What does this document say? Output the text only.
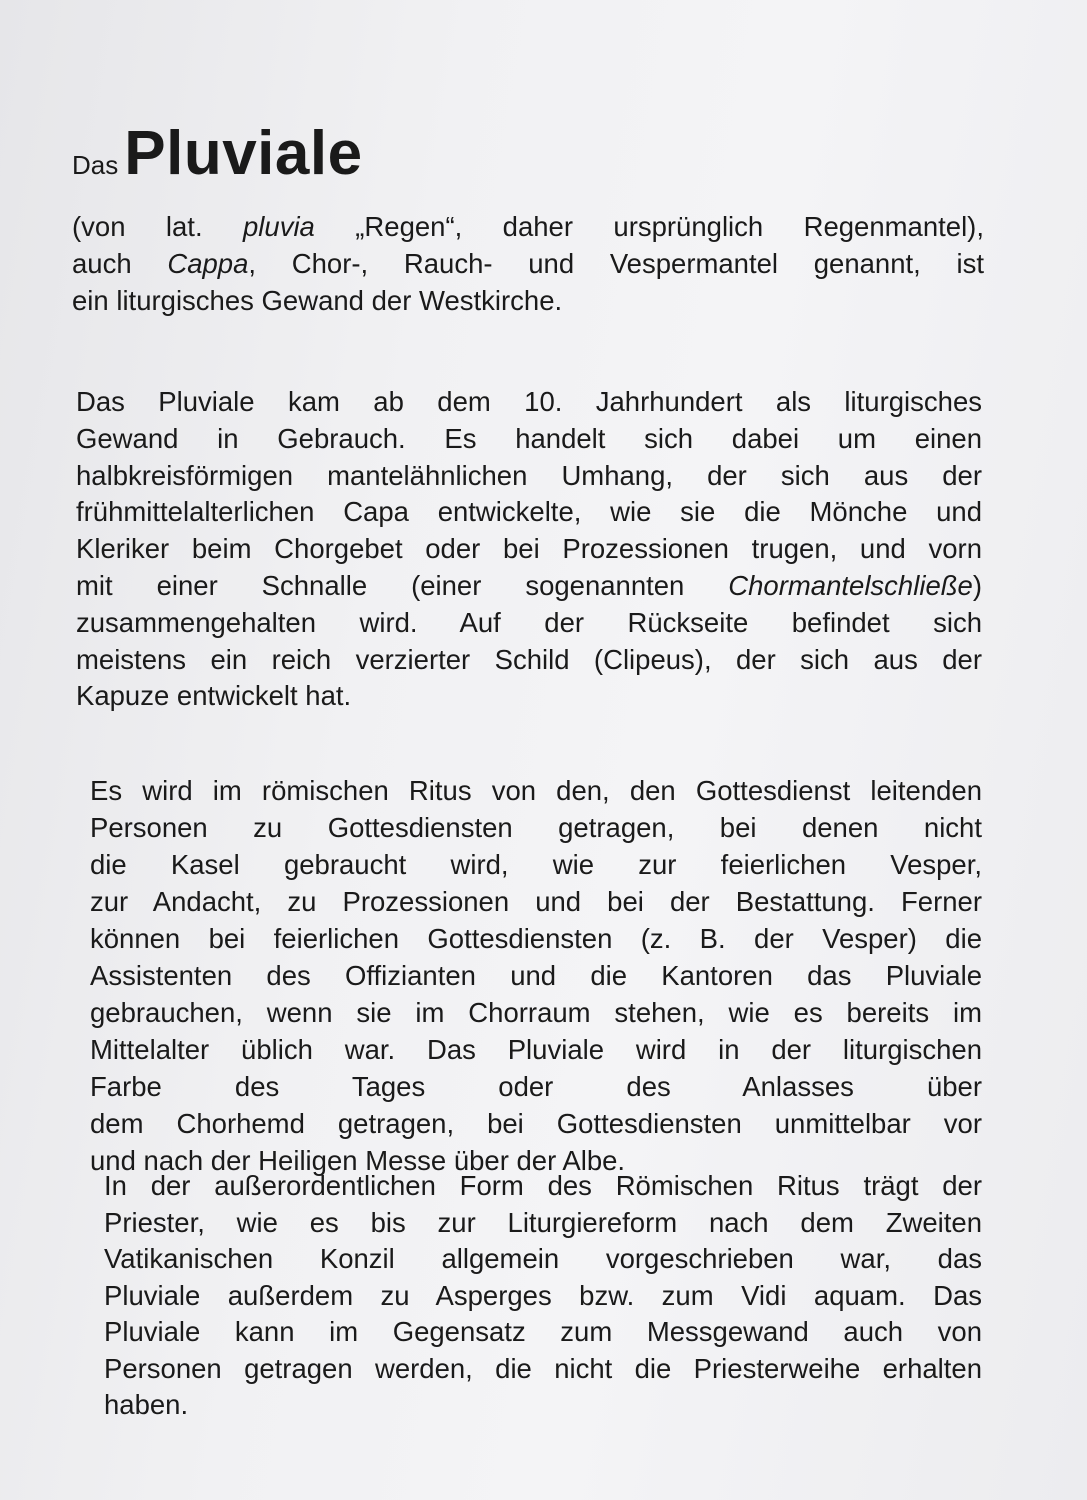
DasPluviale
(von lat. pluvia „Regen“, daher ursprünglich Regenmantel),
auch Cappa, Chor-, Rauch- und Vespermantel genannt, ist
ein liturgisches Gewand der Westkirche.
Das Pluviale kam ab dem 10. Jahrhundert als liturgisches
Gewand in Gebrauch. Es handelt sich dabei um einen
halbkreisförmigen mantelähnlichen Umhang, der sich aus der
frühmittelalterlichen Capa entwickelte, wie sie die Mönche und
Kleriker beim Chorgebet oder bei Prozessionen trugen, und vorn
mit einer Schnalle (einer sogenannten Chormantelschließe)
zusammengehalten wird. Auf der Rückseite befindet sich
meistens ein reich verzierter Schild (Clipeus), der sich aus der
Kapuze entwickelt hat.
Es wird im römischen Ritus von den, den Gottesdienst leitenden
Personen zu Gottesdiensten getragen, bei denen nicht
die Kasel gebraucht wird, wie zur feierlichen Vesper,
zur Andacht, zu Prozessionen und bei der Bestattung. Ferner
können bei feierlichen Gottesdiensten (z. B. der Vesper) die
Assistenten des Offizianten und die Kantoren das Pluviale
gebrauchen, wenn sie im Chorraum stehen, wie es bereits im
Mittelalter üblich war. Das Pluviale wird in der liturgischen
Farbe des Tages oder des Anlasses über
dem Chorhemd getragen, bei Gottesdiensten unmittelbar vor
und nach der Heiligen Messe über der Albe.
In der außerordentlichen Form des Römischen Ritus trägt der
Priester, wie es bis zur Liturgiereform nach dem Zweiten
Vatikanischen Konzil allgemein vorgeschrieben war, das
Pluviale außerdem zu Asperges bzw. zum Vidi aquam. Das
Pluviale kann im Gegensatz zum Messgewand auch von
Personen getragen werden, die nicht die Priesterweihe erhalten
haben.
